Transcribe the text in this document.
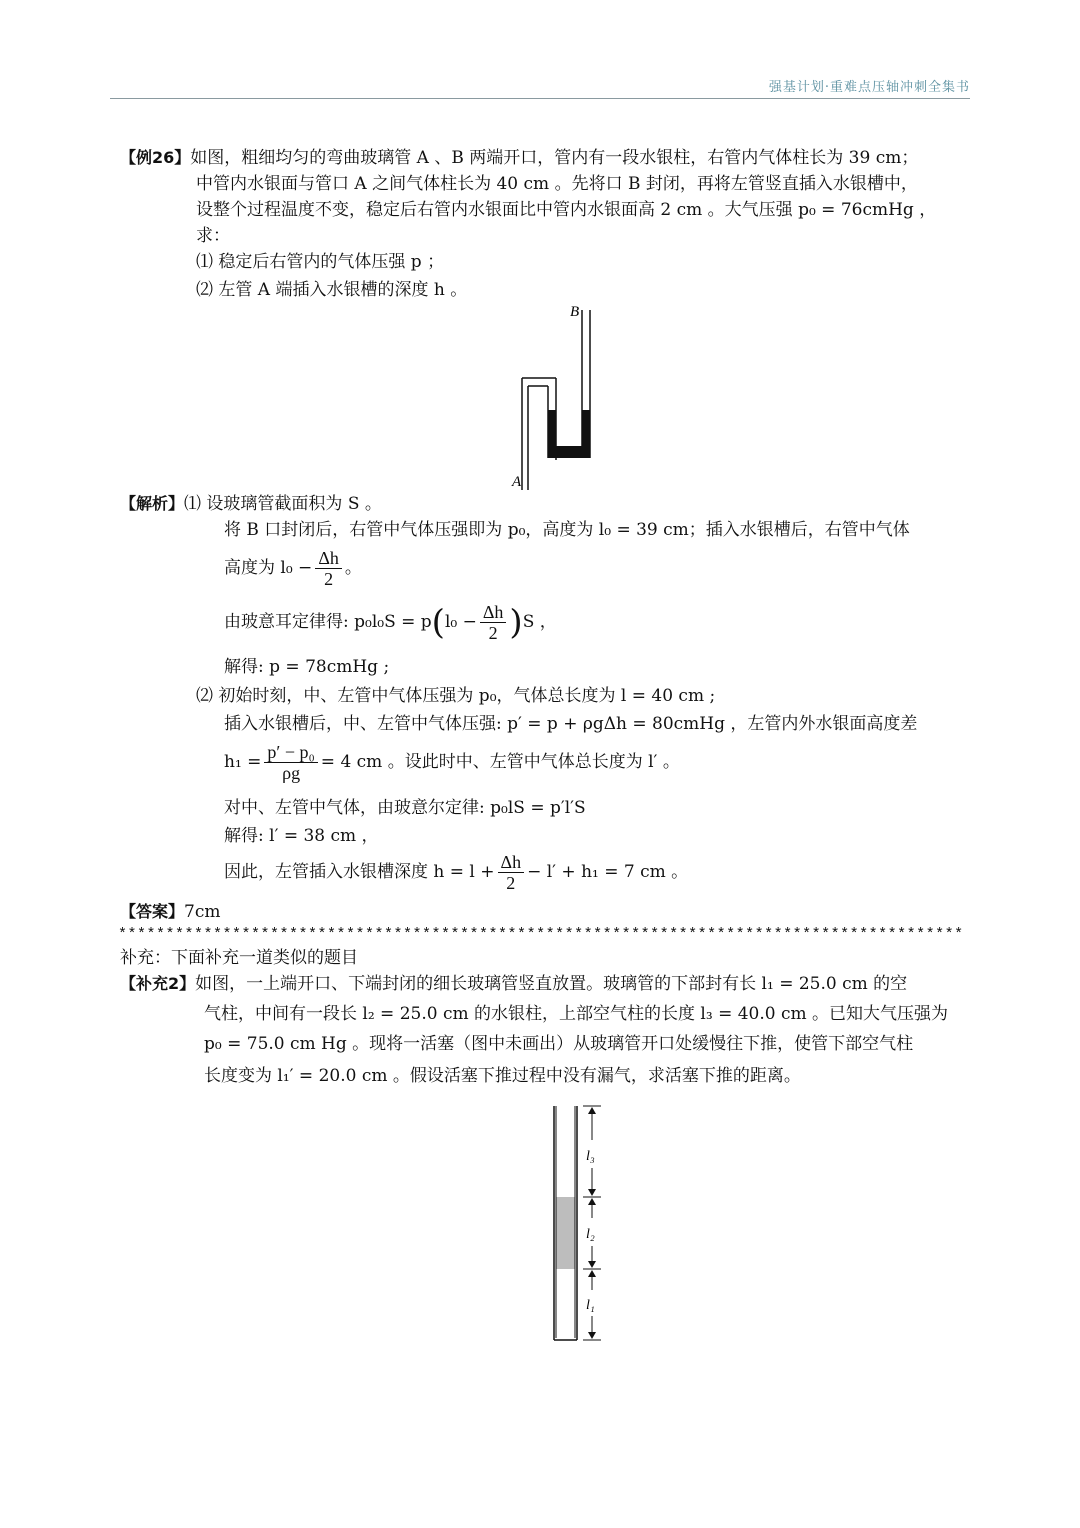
强基计划·重难点压轴冲刺全集书
【例26】如图，粗细均匀的弯曲玻璃管 A 、B 两端开口，管内有一段水银柱，右管内气体柱长为 39 cm；
中管内水银面与管口 A 之间气体柱长为 40 cm 。先将口 B 封闭，再将左管竖直插入水银槽中，
设整个过程温度不变，稳定后右管内水银面比中管内水银面高 2 cm 。大气压强 p₀ = 76cmHg ，
求：
⑴ 稳定后右管内的气体压强 p ；
⑵ 左管 A 端插入水银槽的深度 h 。
B
A
【解析】⑴ 设玻璃管截面积为 S 。
将 B 口封闭后，右管中气体压强即为 p₀，高度为 l₀ = 39 cm；插入水银槽后，右管中气体
高度为 $l_0 - \frac{\Delta h}{2}$ 。
由玻意耳定律得: $p_0l_0S = p(l_0 - \frac{\Delta h}{2} )S$ ，
解得: p = 78cmHg ;
⑵ 初始时刻，中、左管中气体压强为 p₀，气体总长度为 l = 40 cm ;
插入水银槽后，中、左管中气体压强: p′ = p + ρgΔh = 80cmHg ，左管内外水银面高度差
$h_1 = \frac{\text{p′ − p₀}}{\rho g} = 4$ cm 。设此时中、左管中气体总长度为 l′ 。
对中、左管中气体，由玻意尔定律: p₀lS = p′l′S
解得: l′ = 38 cm ，
因此，左管插入水银槽深度 $h = l + \frac{\Delta h}{2} - l' + h_1 = 7$ cm 。
【答案】7cm
*****************************************************************************************
补充：下面补充一道类似的题目
【补充2】如图，一上端开口、下端封闭的细长玻璃管竖直放置。玻璃管的下部封有长 l₁ = 25.0 cm 的空
气柱，中间有一段长 l₂ = 25.0 cm 的水银柱，上部空气柱的长度 l₃ = 40.0 cm 。已知大气压强为
p₀ = 75.0 cm Hg 。现将一活塞（图中未画出）从玻璃管开口处缓慢往下推，使管下部空气柱
长度变为 l₁′ = 20.0 cm 。假设活塞下推过程中没有漏气，求活塞下推的距离。
l₃
l₂
l₁
